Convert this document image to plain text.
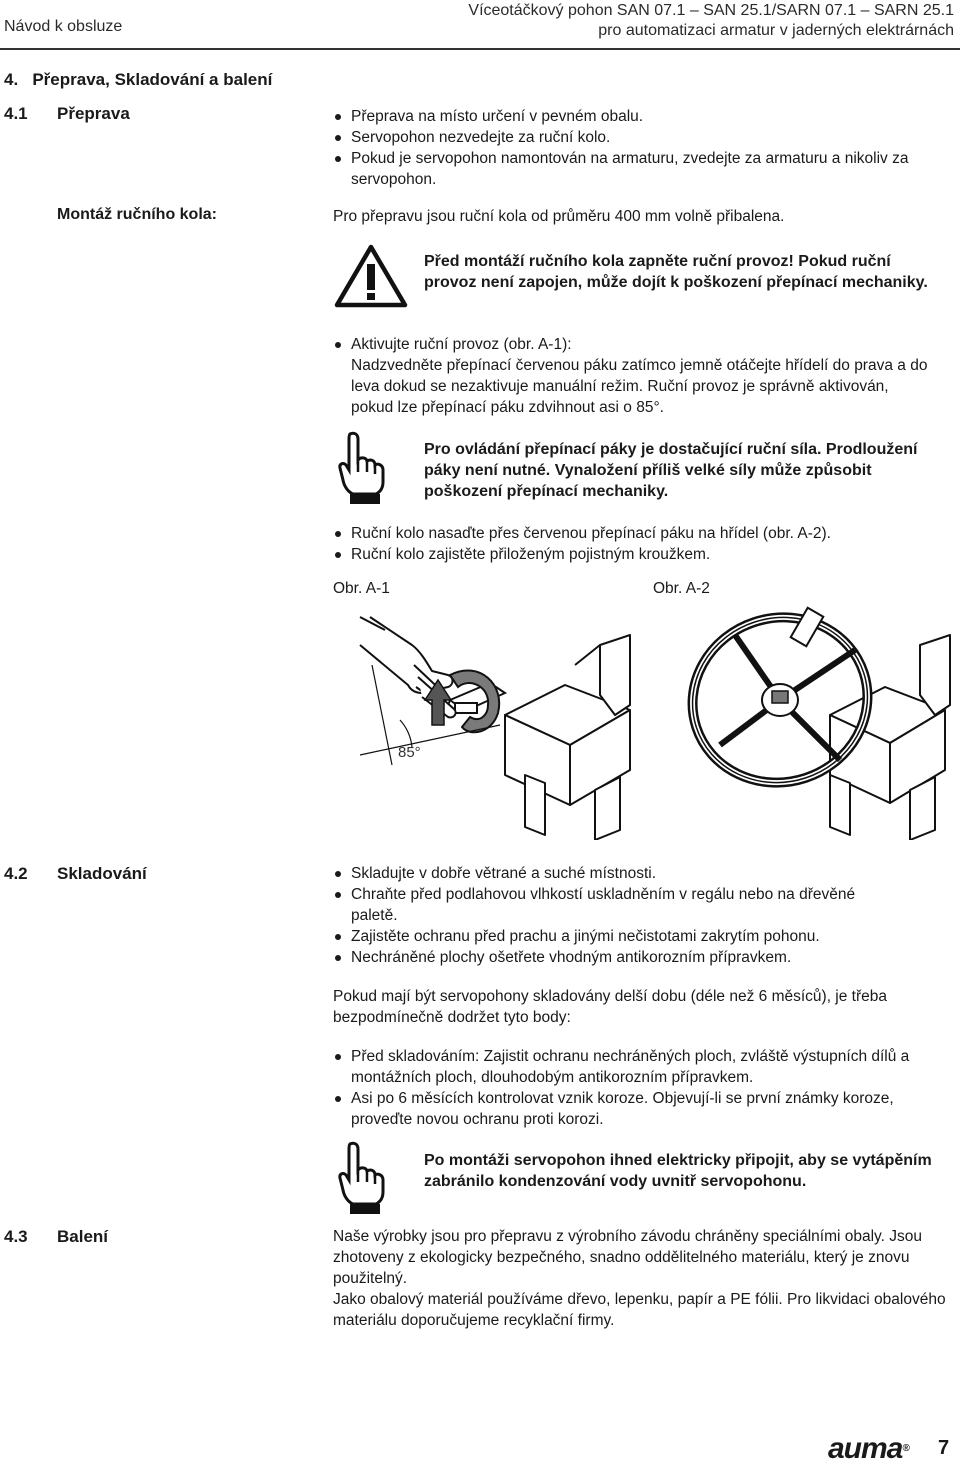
Návod k obsluze
Víceotáčkový pohon SAN 07.1 – SAN 25.1/SARN 07.1 – SARN 25.1
pro automatizaci armatur v jaderných elektrárnách
4.   Přeprava, Skladování a balení
4.1 Přeprava	Přeprava na místo určení v pevném obalu.
Servopohon nezvedejte za ruční kolo.
Pokud je servopohon namontován na armaturu, zvedejte za armaturu a nikoliv za servopohon.
Montáž ručního kola:	Pro přepravu jsou ruční kola od průměru 400 mm volně přibalena.
Před montáží ručního kola zapněte ruční provoz! Pokud ruční provoz není zapojen, může dojít k poškození přepínací mechaniky.
Aktivujte ruční provoz (obr. A-1):
Nadzvedněte přepínací červenou páku zatímco jemně otáčejte hřídelí do prava a do leva dokud se nezaktivuje manuální režim. Ruční provoz je správně aktivován, pokud lze přepínací páku zdvihnout asi o 85°.
Pro ovládání přepínací páky je dostačující ruční síla. Prodloužení páky není nutné. Vynaložení příliš velké síly může způsobit poškození přepínací mechaniky.
Ruční kolo nasaďte přes červenou přepínací páku na hřídel (obr. A-2).
Ruční kolo zajistěte přiloženým pojistným kroužkem.
Obr. A-1	Obr. A-2
85°
4.2 Skladování	Skladujte v dobře větrané a suché místnosti.
Chraňte před podlahovou vlhkostí uskladněním v regálu nebo na dřevěné paletě.
Zajistěte ochranu před prachu a jinými nečistotami zakrytím pohonu.
Nechráněné plochy ošetřete vhodným antikorozním přípravkem.
Pokud mají být servopohony skladovány delší dobu (déle než 6 měsíců), je třeba bezpodmínečně dodržet tyto body:
Před skladováním: Zajistit ochranu nechráněných ploch, zvláště výstupních dílů a montážních ploch, dlouhodobým antikorozním přípravkem.
Asi po 6 měsících kontrolovat vznik koroze. Objevují-li se první známky koroze, proveďte novou ochranu proti korozi.
Po montáži servopohon ihned elektricky připojit, aby se vytápěním zabránilo kondenzování vody uvnitř servopohonu.
4.3 Balení	Naše výrobky jsou pro přepravu z výrobního závodu chráněny speciálními obaly. Jsou zhotoveny z ekologicky bezpečného, snadno oddělitelného materiálu, který je znovu použitelný.
Jako obalový materiál používáme dřevo, lepenku, papír a PE fólii. Pro likvidaci obalového materiálu doporučujeme recyklační firmy.
auma® 7
